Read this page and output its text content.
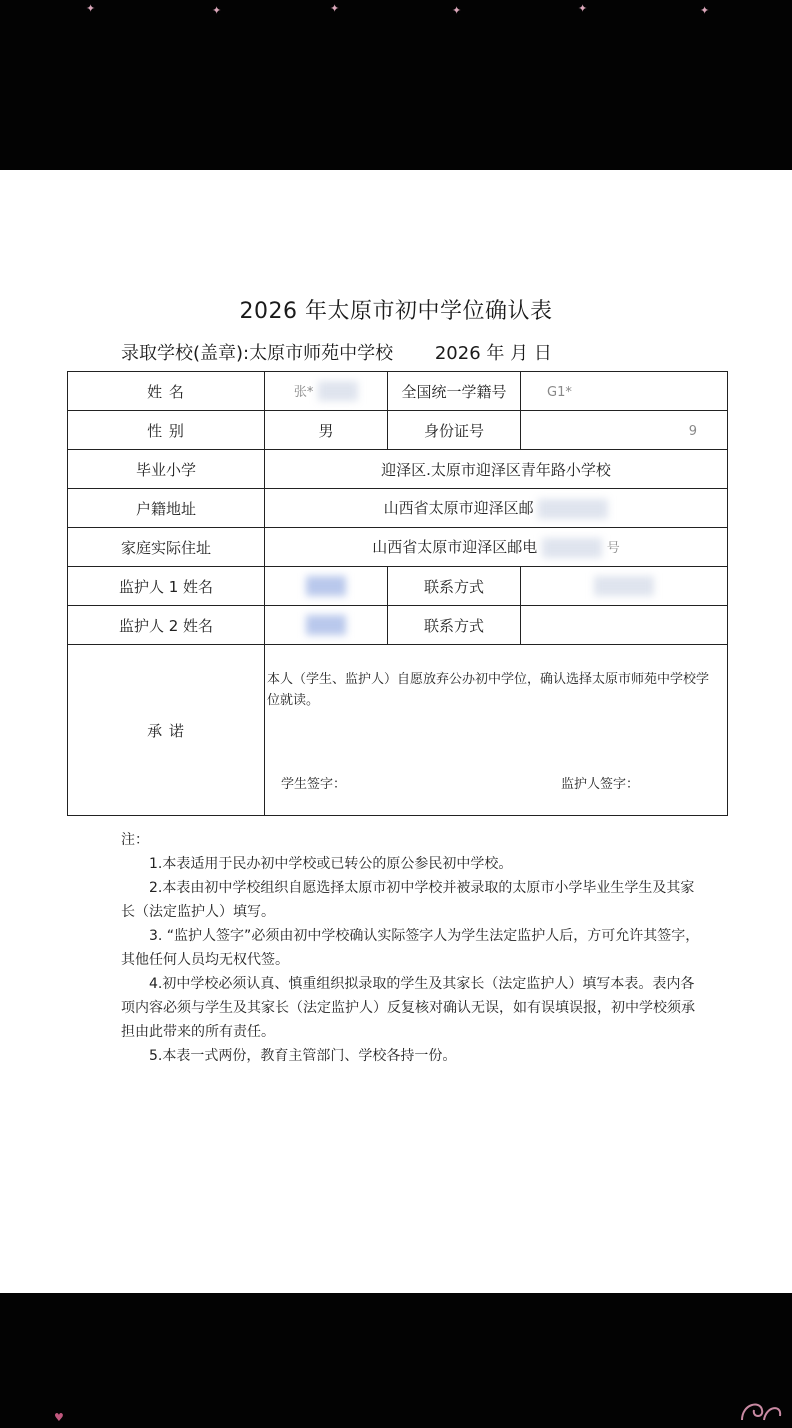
✦	✦	✦	✦	✦	✦
2026 年太原市初中学位确认表
录取学校(盖章):太原市师苑中学校 2026 年 月 日
姓 名	张*	全国统一学籍号	G1*
性 别	男	身份证号	9
毕业小学	迎泽区.太原市迎泽区青年路小学校		
户籍地址	山西省太原市迎泽区邮		
家庭实际住址	山西省太原市迎泽区邮电 号		
监护人 1 姓名		联系方式	
监护人 2 姓名		联系方式	
承 诺	本人（学生、监护人）自愿放弃公办初中学位，确认选择太原市师苑中学校学位就读。
学生签字： 监护人签字：		

注：

1.本表适用于民办初中学校或已转公的原公参民初中学校。

2.本表由初中学校组织自愿选择太原市初中学校并被录取的太原市小学毕业生学生及其家长（法定监护人）填写。

3. “监护人签字”必须由初中学校确认实际签字人为学生法定监护人后，方可允许其签字，其他任何人员均无权代签。

4.初中学校必须认真、慎重组织拟录取的学生及其家长（法定监护人）填写本表。表内各项内容必须与学生及其家长（法定监护人）反复核对确认无误，如有误填误报，初中学校须承担由此带来的所有责任。

5.本表一式两份，教育主管部门、学校各持一份。

♥
